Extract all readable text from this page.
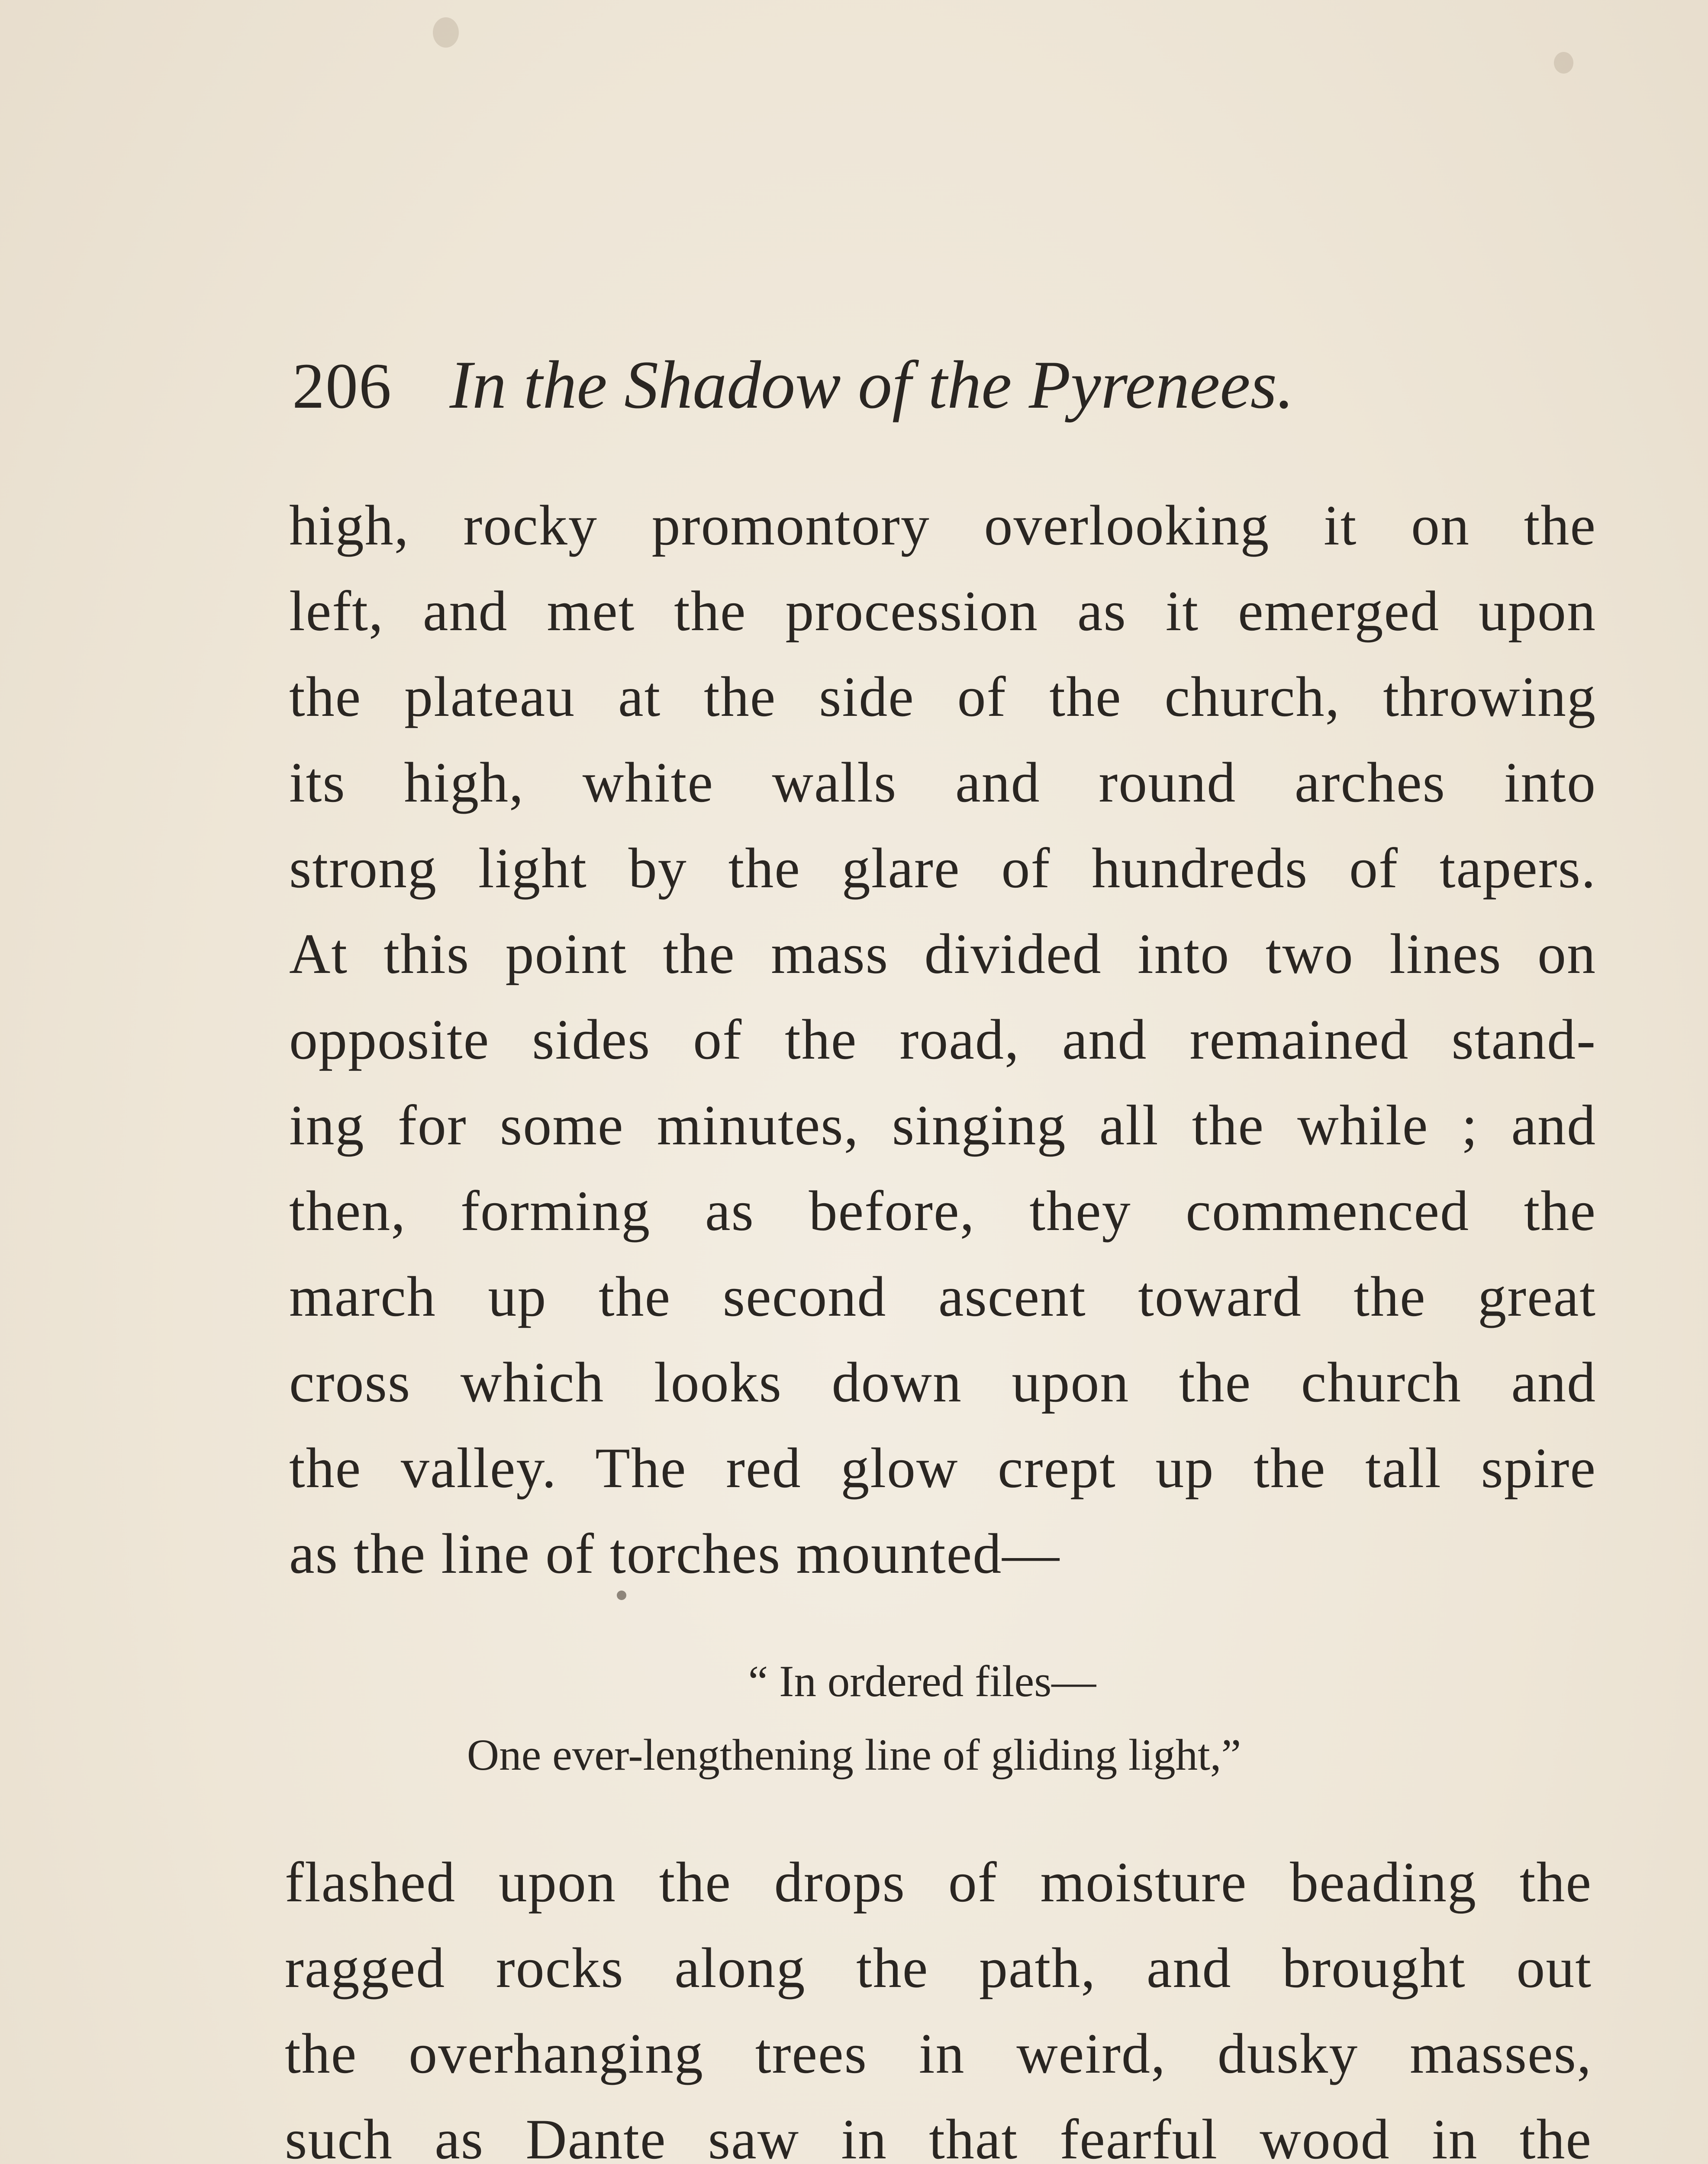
206 In the Shadow of the Pyrenees.
high, rocky promontory overlooking it on the
left, and met the procession as it emerged upon
the plateau at the side of the church, throwing
its high, white walls and round arches into
strong light by the glare of hundreds of tapers.
At this point the mass divided into two lines on
opposite sides of the road, and remained stand-
ing for some minutes, singing all the while ; and
then, forming as before, they commenced the
march up the second ascent toward the great
cross which looks down upon the church and
the valley. The red glow crept up the tall spire
as the line of torches mounted—
“ In ordered files—
One ever-lengthening line of gliding light,”
flashed upon the drops of moisture beading the
ragged rocks along the path, and brought out
the overhanging trees in weird, dusky masses,
such as Dante saw in that fearful wood in the
